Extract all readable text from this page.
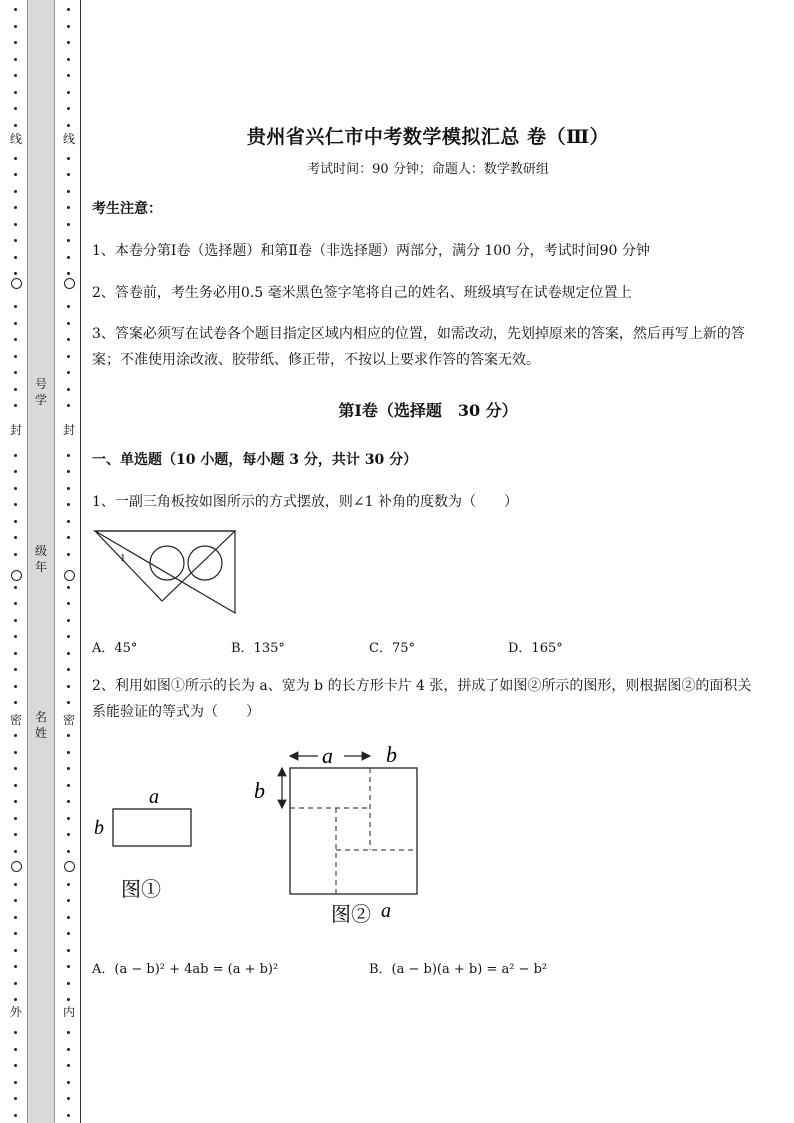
线
封
密
外
号
学
级
年
名
姓
线
封
密
内
贵州省兴仁市中考数学模拟汇总 卷（Ⅲ）
考试时间：90 分钟；命题人：数学教研组
考生注意：
1、本卷分第Ⅰ卷（选择题）和第Ⅱ卷（非选择题）两部分，满分 100 分，考试时间90 分钟
2、答卷前，考生务必用0.5 毫米黑色签字笔将自己的姓名、班级填写在试卷规定位置上
3、答案必须写在试卷各个题目指定区域内相应的位置，如需改动，先划掉原来的答案，然后再写上新的答案；不准使用涂改液、胶带纸、修正带，不按以上要求作答的答案无效。
第Ⅰ卷（选择题　30 分）
一、单选题（10 小题，每小题 3 分，共计 30 分）
1、一副三角板按如图所示的方式摆放，则∠1 补角的度数为（　　）
1
A．45°	B．135°	C．75°	D．165°
2、利用如图①所示的长为 a、宽为 b 的长方形卡片 4 张，拼成了如图②所示的图形，则根据图②的面积关系能验证的等式为（　　）
a
b
图①
a b
b
图② a
A．(a − b)² + 4ab = (a + b)²	B．(a − b)(a + b) = a² − b²
